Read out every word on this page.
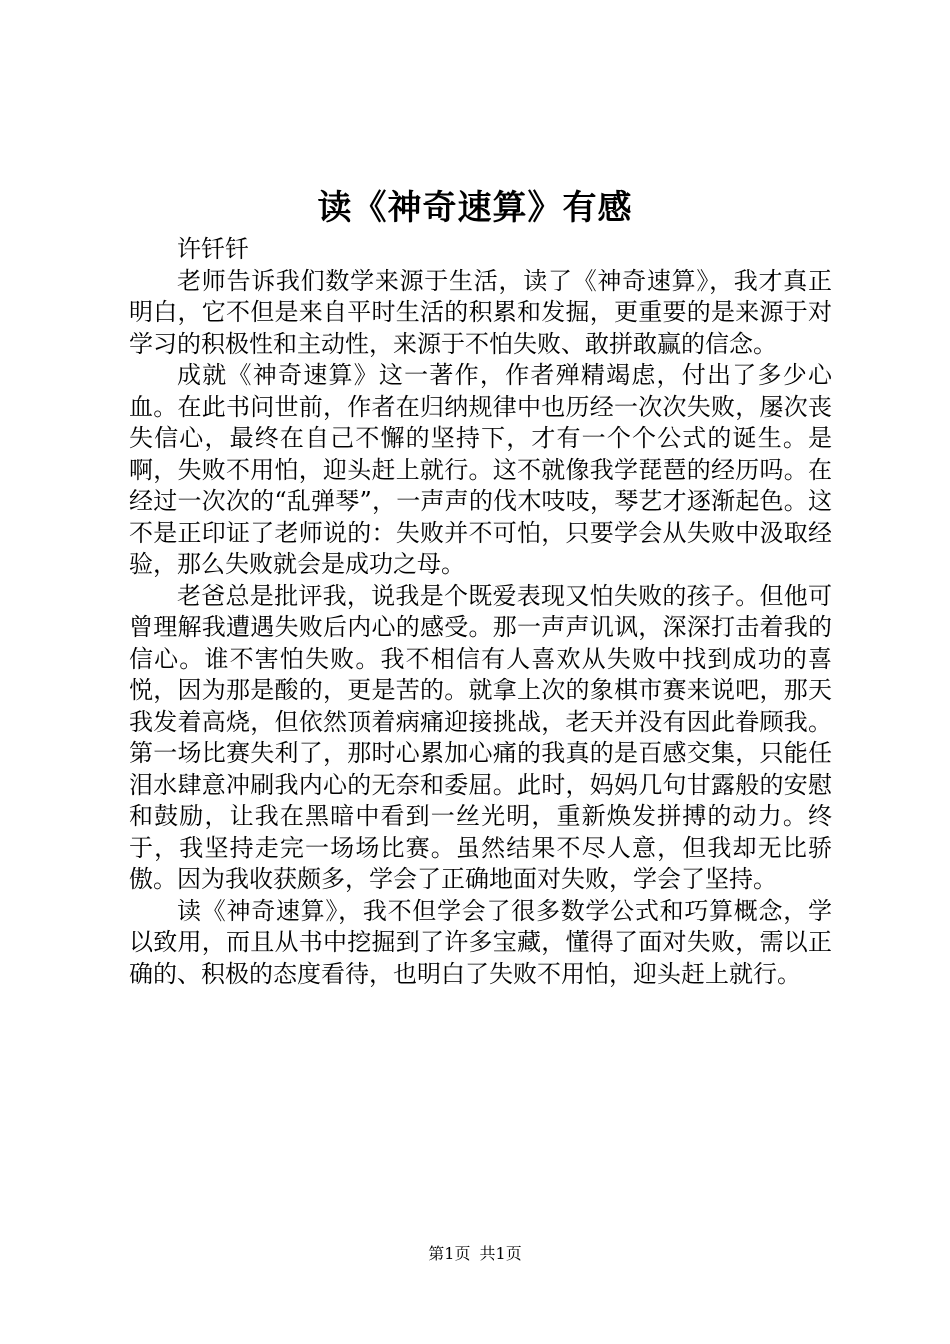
读《神奇速算》有感

许钎钎

老师告诉我们数学来源于生活，读了《神奇速算》，我才真正明白，它不但是来自平时生活的积累和发掘，更重要的是来源于对学习的积极性和主动性，来源于不怕失败、敢拼敢赢的信念。

成就《神奇速算》这一著作，作者殚精竭虑，付出了多少心血。在此书问世前，作者在归纳规律中也历经一次次失败，屡次丧失信心，最终在自己不懈的坚持下，才有一个个公式的诞生。是啊，失败不用怕，迎头赶上就行。这不就像我学琵琶的经历吗。在经过一次次的“乱弹琴”，一声声的伐木吱吱，琴艺才逐渐起色。这不是正印证了老师说的：失败并不可怕，只要学会从失败中汲取经验，那么失败就会是成功之母。

老爸总是批评我，说我是个既爱表现又怕失败的孩子。但他可曾理解我遭遇失败后内心的感受。那一声声讥讽，深深打击着我的信心。谁不害怕失败。我不相信有人喜欢从失败中找到成功的喜悦，因为那是酸的，更是苦的。就拿上次的象棋市赛来说吧，那天我发着高烧，但依然顶着病痛迎接挑战，老天并没有因此眷顾我。第一场比赛失利了，那时心累加心痛的我真的是百感交集，只能任泪水肆意冲刷我内心的无奈和委屈。此时，妈妈几句甘露般的安慰和鼓励，让我在黑暗中看到一丝光明，重新焕发拼搏的动力。终于，我坚持走完一场场比赛。虽然结果不尽人意，但我却无比骄傲。因为我收获颇多，学会了正确地面对失败，学会了坚持。

读《神奇速算》，我不但学会了很多数学公式和巧算概念，学以致用，而且从书中挖掘到了许多宝藏，懂得了面对失败，需以正确的、积极的态度看待，也明白了失败不用怕，迎头赶上就行。

第1页 共1页
